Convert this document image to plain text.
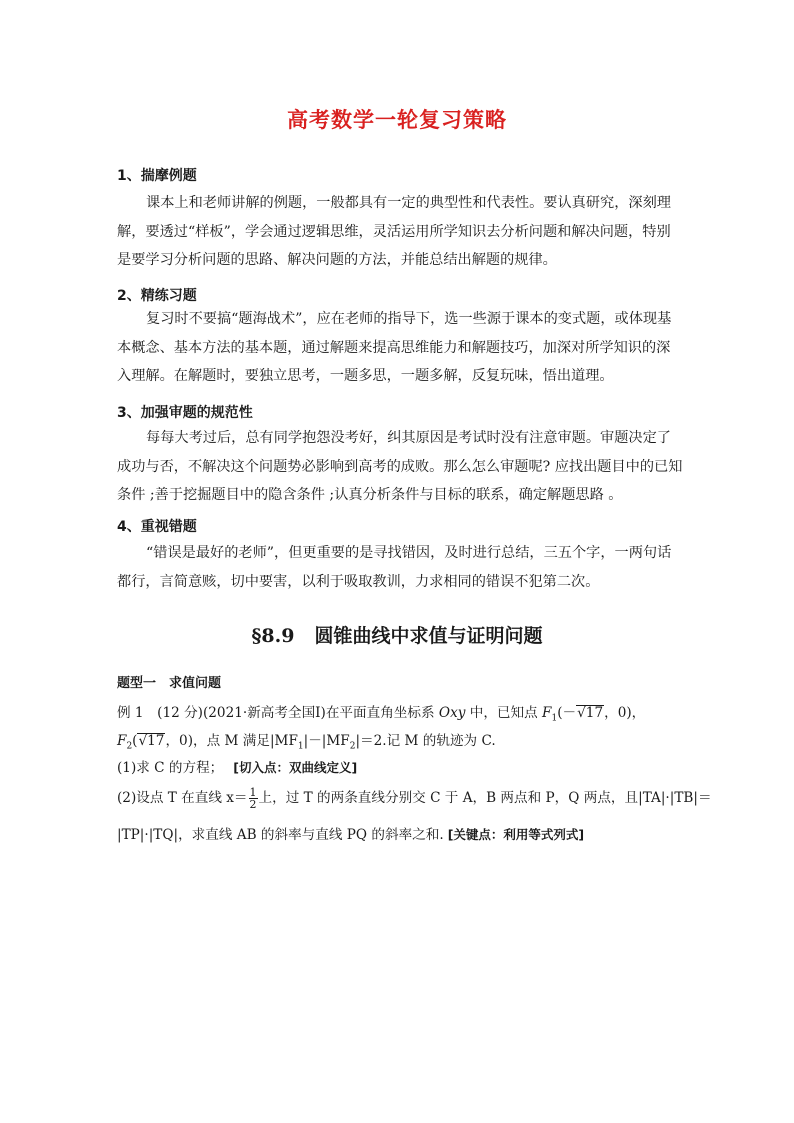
高考数学一轮复习策略
1、揣摩例题
课本上和老师讲解的例题，一般都具有一定的典型性和代表性。要认真研究，深刻理解，要透过“样板”，学会通过逻辑思维，灵活运用所学知识去分析问题和解决问题，特别是要学习分析问题的思路、解决问题的方法，并能总结出解题的规律。
2、精练习题
复习时不要搞“题海战术”，应在老师的指导下，选一些源于课本的变式题，或体现基本概念、基本方法的基本题，通过解题来提高思维能力和解题技巧，加深对所学知识的深入理解。在解题时，要独立思考，一题多思，一题多解，反复玩味，悟出道理。
3、加强审题的规范性
每每大考过后，总有同学抱怨没考好，纠其原因是考试时没有注意审题。审题决定了成功与否，不解决这个问题势必影响到高考的成败。那么怎么审题呢? 应找出题目中的已知条件 ;善于挖掘题目中的隐含条件 ;认真分析条件与目标的联系，确定解题思路 。
4、重视错题
“错误是最好的老师”，但更重要的是寻找错因，及时进行总结，三五个字，一两句话都行，言简意赅，切中要害，以利于吸取教训，力求相同的错误不犯第二次。
§8.9 圆锥曲线中求值与证明问题
题型一　求值问题
例 1　(12 分)(2021·新高考全国Ⅰ)在平面直角坐标系 Oxy 中，已知点 $F_1(-√17$，0)，
$F_2(√17$，0)，点 M 满足$|MF_1|-|MF_2|=2$.记 M 的轨迹为 C.
(1)求 C 的方程； [切入点：双曲线定义]
(2)设点 T 在直线 $x= \frac{1}{2}$ 上，过 T 的两条直线分别交 C 于 A，B 两点和 P，Q 两点，且|TA|·|TB|＝
|TP|·|TQ|，求直线 AB 的斜率与直线 PQ 的斜率之和. [关键点：利用等式列式]
